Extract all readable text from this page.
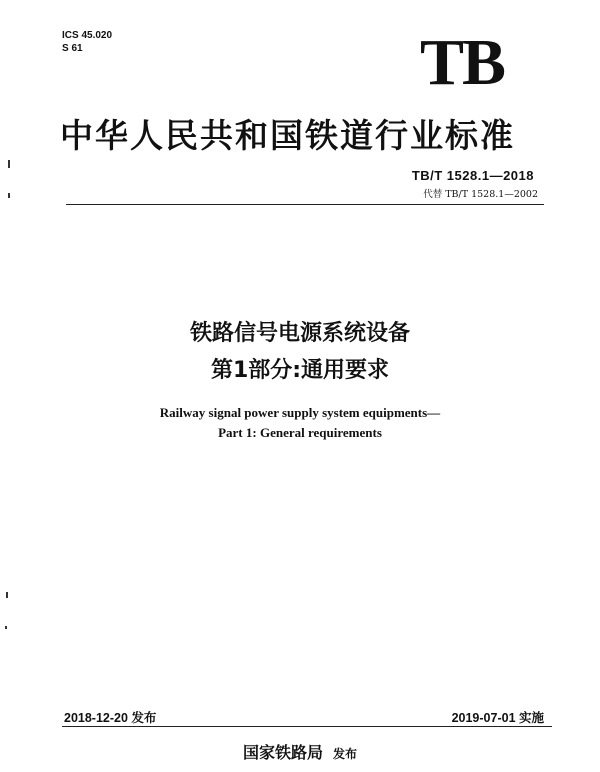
ICS 45.020
S 61	TB
中华人民共和国铁道行业标准
TB/T 1528.1—2018
代替 TB/T 1528.1—2002
铁路信号电源系统设备
第1部分:通用要求
Railway signal power supply system equipments—
Part 1: General requirements
2018-12-20 发布	2019-07-01 实施
国家铁路局 发布
